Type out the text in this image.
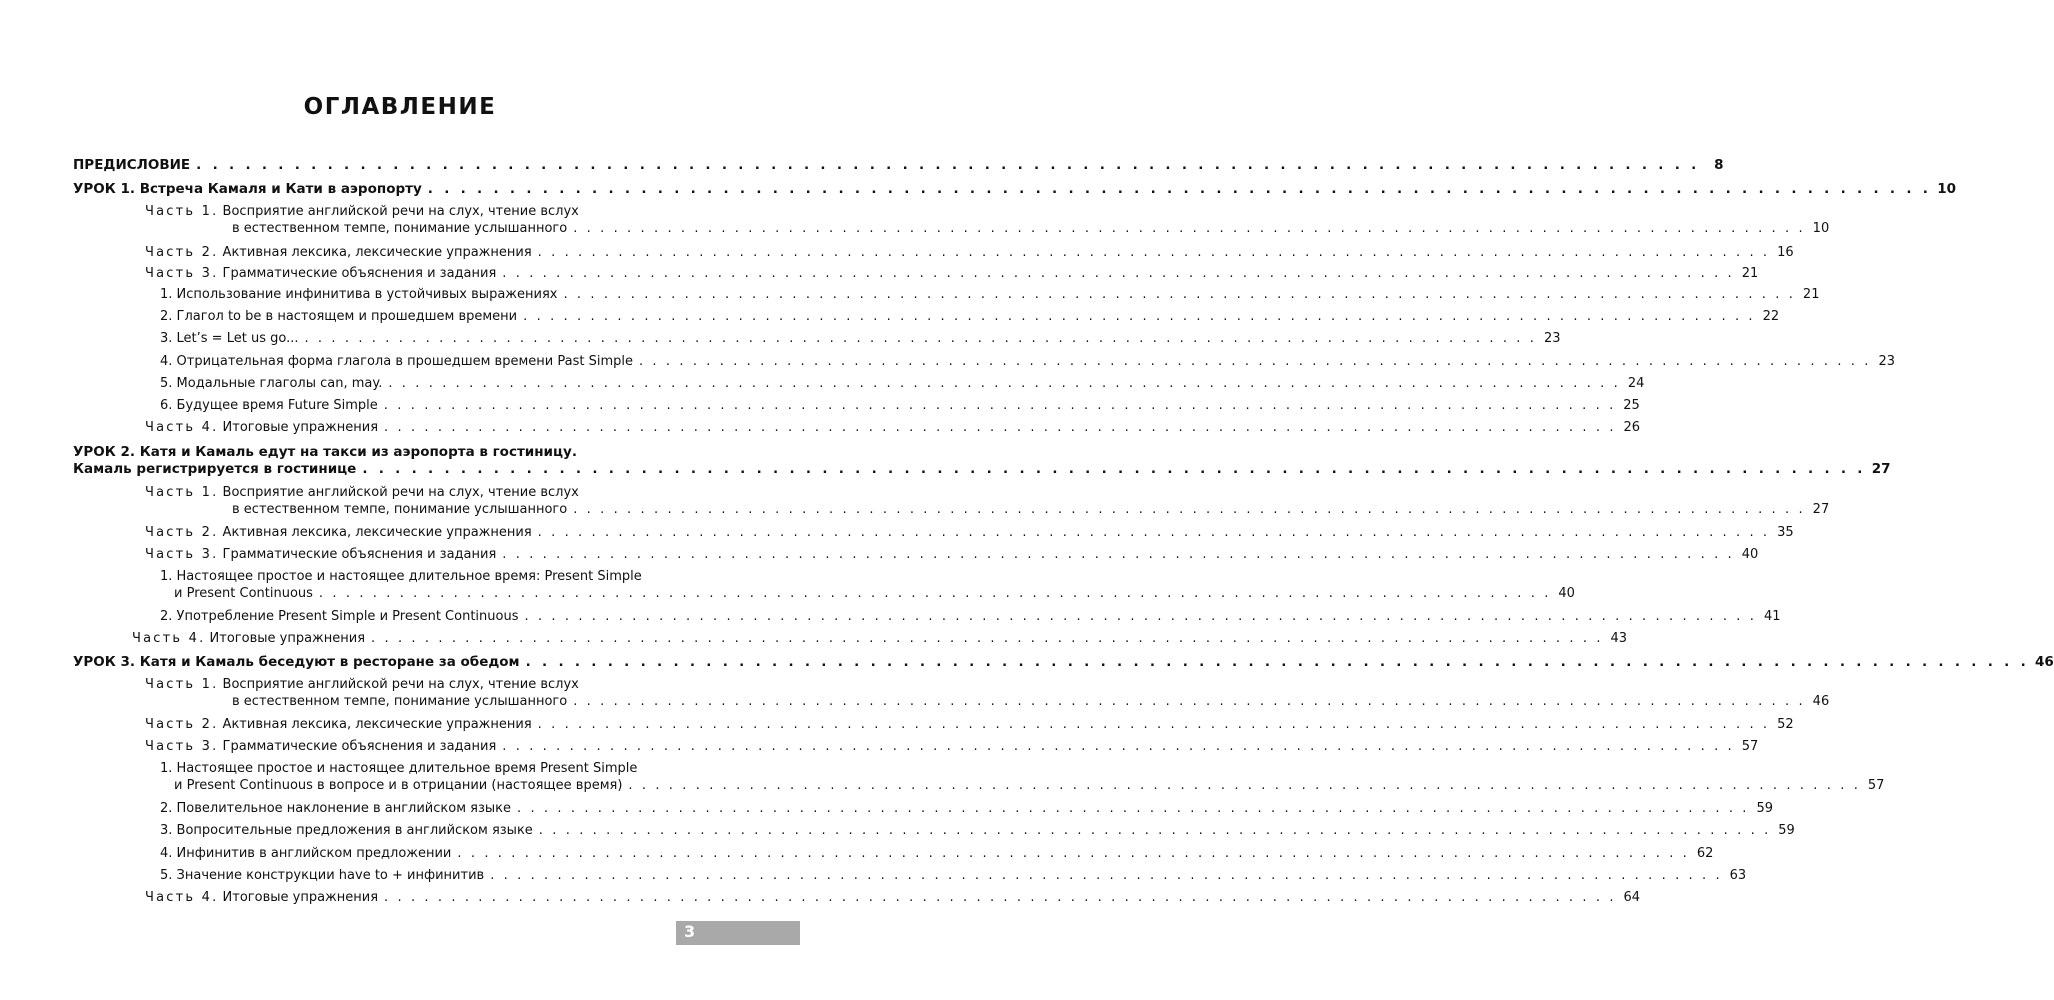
ОГЛАВЛЕНИЕ
ПРЕДИСЛОВИЕ . . . . . . . . . . . . . . . . . . . . . . . . . . . . . . . . . . . . . . . . . . . . . . . . . . . . . . . . . . . . . . . . . . . . . . . . . . . . . . . . . . . . . . . . . . . .	8
УРОК 1. Встреча Камаля и Кати в аэропорту . . . . . . . . . . . . . . . . . . . . . . . . . . . . . . . . . . . . . . . . . . . . . . . . . . . . . . . . . . . . . . . . . . . . . . . . . . . . . . . . . . . . . . . . . . . . 10
Часть 1. Восприятие английской речи на слух, чтение вслух
в естественном темпе, понимание услышанного . . . . . . . . . . . . . . . . . . . . . . . . . . . . . . . . . . . . . . . . . . . . . . . . . . . . . . . . . . . . . . . . . . . . . . . . . . . . . . . . . . . . . . . . . . . . 10
Часть 2. Активная лексика, лексические упражнения . . . . . . . . . . . . . . . . . . . . . . . . . . . . . . . . . . . . . . . . . . . . . . . . . . . . . . . . . . . . . . . . . . . . . . . . . . . . . . . . . . . . . . . . . . . . 16
Часть 3. Грамматические объяснения и задания . . . . . . . . . . . . . . . . . . . . . . . . . . . . . . . . . . . . . . . . . . . . . . . . . . . . . . . . . . . . . . . . . . . . . . . . . . . . . . . . . . . . . . . . . . . . 21
1. Использование инфинитива в устойчивых выражениях . . . . . . . . . . . . . . . . . . . . . . . . . . . . . . . . . . . . . . . . . . . . . . . . . . . . . . . . . . . . . . . . . . . . . . . . . . . . . . . . . . . . . . . . . . . . 21
2. Глагол to be в настоящем и прошедшем времени . . . . . . . . . . . . . . . . . . . . . . . . . . . . . . . . . . . . . . . . . . . . . . . . . . . . . . . . . . . . . . . . . . . . . . . . . . . . . . . . . . . . . . . . . . . . 22
3. Let’s = Let us go... . . . . . . . . . . . . . . . . . . . . . . . . . . . . . . . . . . . . . . . . . . . . . . . . . . . . . . . . . . . . . . . . . . . . . . . . . . . . . . . . . . . . . . . . . . . . 23
4. Отрицательная форма глагола в прошедшем времени Past Simple . . . . . . . . . . . . . . . . . . . . . . . . . . . . . . . . . . . . . . . . . . . . . . . . . . . . . . . . . . . . . . . . . . . . . . . . . . . . . . . . . . . . . . . . . . . . 23
5. Модальные глаголы can, may. . . . . . . . . . . . . . . . . . . . . . . . . . . . . . . . . . . . . . . . . . . . . . . . . . . . . . . . . . . . . . . . . . . . . . . . . . . . . . . . . . . . . . . . . . . . . 24
6. Будущее время Future Simple . . . . . . . . . . . . . . . . . . . . . . . . . . . . . . . . . . . . . . . . . . . . . . . . . . . . . . . . . . . . . . . . . . . . . . . . . . . . . . . . . . . . . . . . . . . . 25
Часть 4. Итоговые упражнения . . . . . . . . . . . . . . . . . . . . . . . . . . . . . . . . . . . . . . . . . . . . . . . . . . . . . . . . . . . . . . . . . . . . . . . . . . . . . . . . . . . . . . . . . . . . 26
УРОК 2. Катя и Камаль едут на такси из аэропорта в гостиницу.
Камаль регистрируется в гостинице . . . . . . . . . . . . . . . . . . . . . . . . . . . . . . . . . . . . . . . . . . . . . . . . . . . . . . . . . . . . . . . . . . . . . . . . . . . . . . . . . . . . . . . . . . . . 27
Часть 1. Восприятие английской речи на слух, чтение вслух
в естественном темпе, понимание услышанного . . . . . . . . . . . . . . . . . . . . . . . . . . . . . . . . . . . . . . . . . . . . . . . . . . . . . . . . . . . . . . . . . . . . . . . . . . . . . . . . . . . . . . . . . . . . 27
Часть 2. Активная лексика, лексические упражнения . . . . . . . . . . . . . . . . . . . . . . . . . . . . . . . . . . . . . . . . . . . . . . . . . . . . . . . . . . . . . . . . . . . . . . . . . . . . . . . . . . . . . . . . . . . . 35
Часть 3. Грамматические объяснения и задания . . . . . . . . . . . . . . . . . . . . . . . . . . . . . . . . . . . . . . . . . . . . . . . . . . . . . . . . . . . . . . . . . . . . . . . . . . . . . . . . . . . . . . . . . . . . 40
1. Настоящее простое и настоящее длительное время: Present Simple
и Present Continuous . . . . . . . . . . . . . . . . . . . . . . . . . . . . . . . . . . . . . . . . . . . . . . . . . . . . . . . . . . . . . . . . . . . . . . . . . . . . . . . . . . . . . . . . . . . . 40
2. Употребление Present Simple и Present Continuous . . . . . . . . . . . . . . . . . . . . . . . . . . . . . . . . . . . . . . . . . . . . . . . . . . . . . . . . . . . . . . . . . . . . . . . . . . . . . . . . . . . . . . . . . . . . 41
Часть 4. Итоговые упражнения . . . . . . . . . . . . . . . . . . . . . . . . . . . . . . . . . . . . . . . . . . . . . . . . . . . . . . . . . . . . . . . . . . . . . . . . . . . . . . . . . . . . . . . . . . . . 43
УРОК 3. Катя и Камаль беседуют в ресторане за обедом . . . . . . . . . . . . . . . . . . . . . . . . . . . . . . . . . . . . . . . . . . . . . . . . . . . . . . . . . . . . . . . . . . . . . . . . . . . . . . . . . . . . . . . . . . . . 46
Часть 1. Восприятие английской речи на слух, чтение вслух
в естественном темпе, понимание услышанного . . . . . . . . . . . . . . . . . . . . . . . . . . . . . . . . . . . . . . . . . . . . . . . . . . . . . . . . . . . . . . . . . . . . . . . . . . . . . . . . . . . . . . . . . . . . 46
Часть 2. Активная лексика, лексические упражнения . . . . . . . . . . . . . . . . . . . . . . . . . . . . . . . . . . . . . . . . . . . . . . . . . . . . . . . . . . . . . . . . . . . . . . . . . . . . . . . . . . . . . . . . . . . . 52
Часть 3. Грамматические объяснения и задания . . . . . . . . . . . . . . . . . . . . . . . . . . . . . . . . . . . . . . . . . . . . . . . . . . . . . . . . . . . . . . . . . . . . . . . . . . . . . . . . . . . . . . . . . . . . 57
1. Настоящее простое и настоящее длительное время Present Simple
и Present Continuous в вопросе и в отрицании (настоящее время) . . . . . . . . . . . . . . . . . . . . . . . . . . . . . . . . . . . . . . . . . . . . . . . . . . . . . . . . . . . . . . . . . . . . . . . . . . . . . . . . . . . . . . . . . . . . 57
2. Повелительное наклонение в английском языке . . . . . . . . . . . . . . . . . . . . . . . . . . . . . . . . . . . . . . . . . . . . . . . . . . . . . . . . . . . . . . . . . . . . . . . . . . . . . . . . . . . . . . . . . . . . 59
3. Вопросительные предложения в английском языке . . . . . . . . . . . . . . . . . . . . . . . . . . . . . . . . . . . . . . . . . . . . . . . . . . . . . . . . . . . . . . . . . . . . . . . . . . . . . . . . . . . . . . . . . . . . 59
4. Инфинитив в английском предложении . . . . . . . . . . . . . . . . . . . . . . . . . . . . . . . . . . . . . . . . . . . . . . . . . . . . . . . . . . . . . . . . . . . . . . . . . . . . . . . . . . . . . . . . . . . . 62
5. Значение конструкции have to + инфинитив . . . . . . . . . . . . . . . . . . . . . . . . . . . . . . . . . . . . . . . . . . . . . . . . . . . . . . . . . . . . . . . . . . . . . . . . . . . . . . . . . . . . . . . . . . . . 63
Часть 4. Итоговые упражнения . . . . . . . . . . . . . . . . . . . . . . . . . . . . . . . . . . . . . . . . . . . . . . . . . . . . . . . . . . . . . . . . . . . . . . . . . . . . . . . . . . . . . . . . . . . . 64
3
